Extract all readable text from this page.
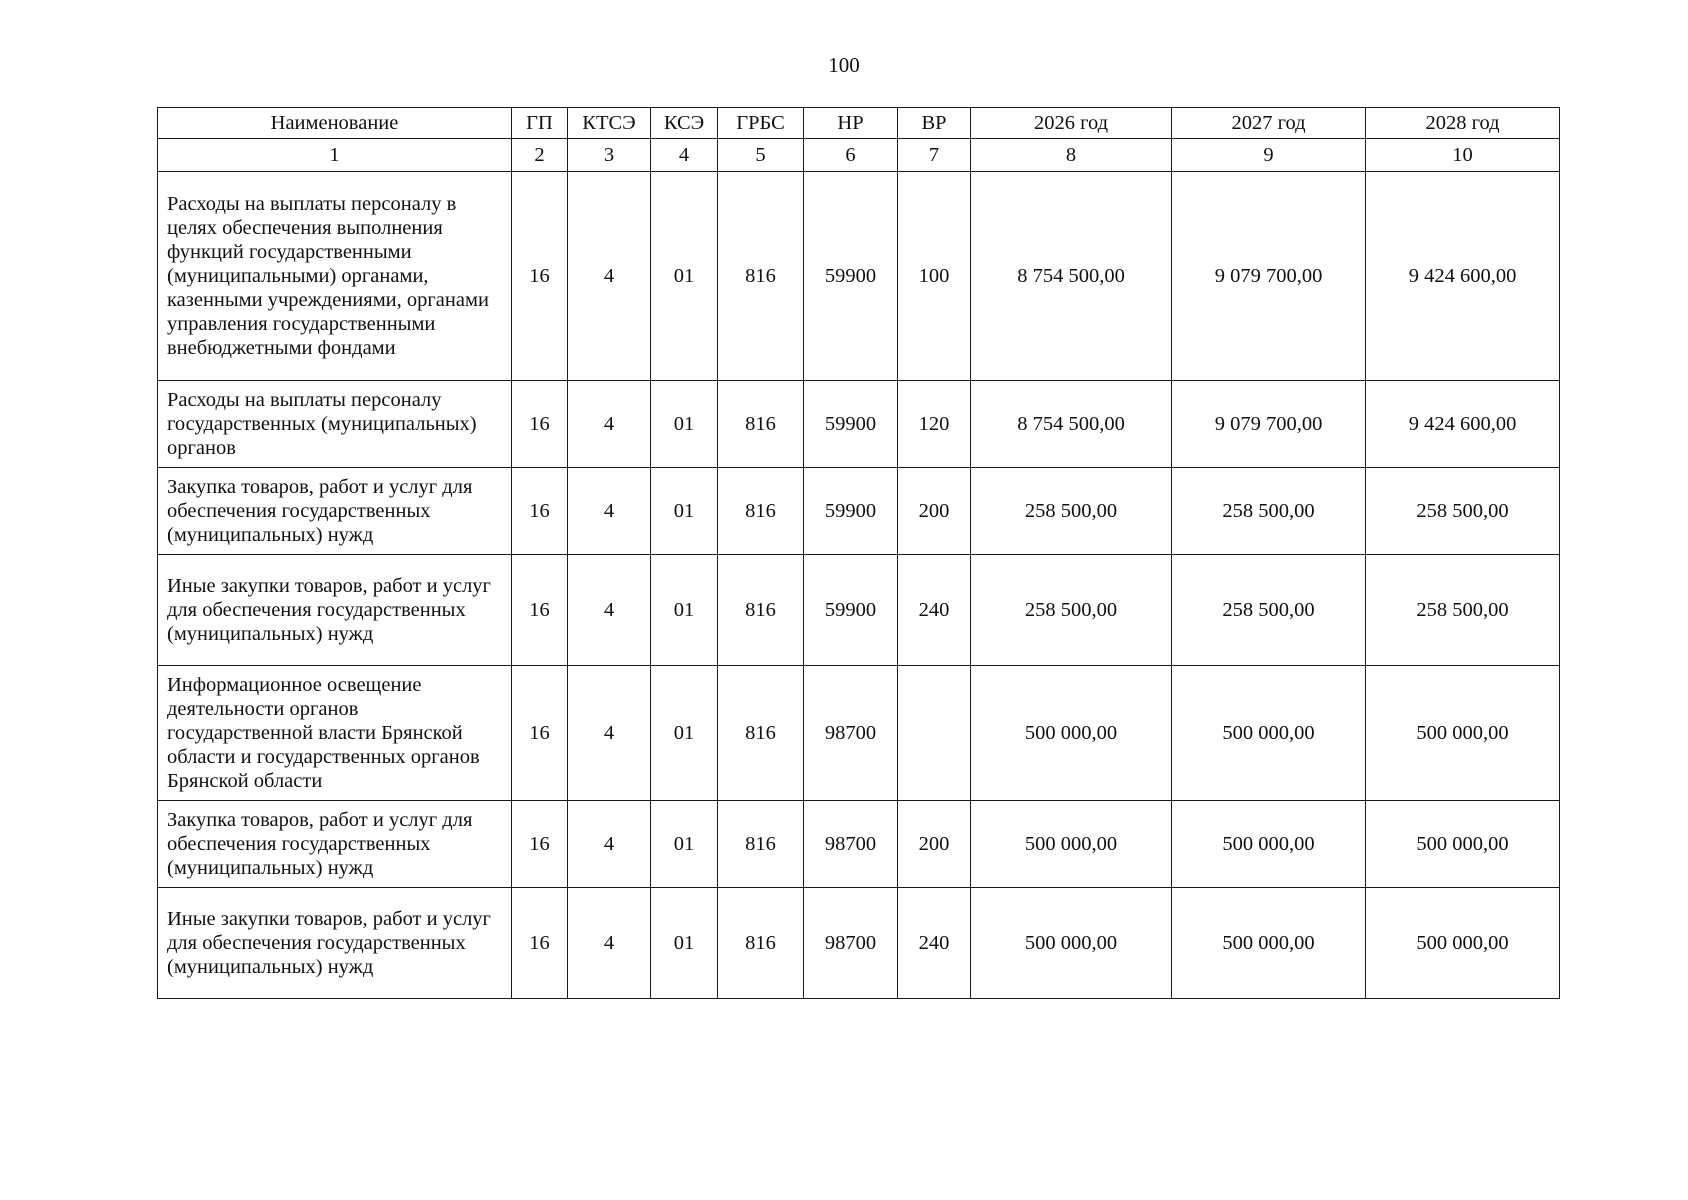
100
Наименование	ГП	КТСЭ	КСЭ	ГРБС	НР	ВР	2026 год	2027 год	2028 год
1	2	3	4	5	6	7	8	9	10
Расходы на выплаты персоналу в целях обеспечения выполнения функций государственными (муниципальными) органами, казенными учреждениями, органами управления государственными внебюджетными фондами	16	4	01	816	59900	100	8 754 500,00	9 079 700,00	9 424 600,00
Расходы на выплаты персоналу государственных (муниципальных) органов	16	4	01	816	59900	120	8 754 500,00	9 079 700,00	9 424 600,00
Закупка товаров, работ и услуг для обеспечения государственных (муниципальных) нужд	16	4	01	816	59900	200	258 500,00	258 500,00	258 500,00
Иные закупки товаров, работ и услуг для обеспечения государственных (муниципальных) нужд	16	4	01	816	59900	240	258 500,00	258 500,00	258 500,00
Информационное освещение деятельности органов государственной власти Брянской области и государственных органов Брянской области	16	4	01	816	98700		500 000,00	500 000,00	500 000,00
Закупка товаров, работ и услуг для обеспечения государственных (муниципальных) нужд	16	4	01	816	98700	200	500 000,00	500 000,00	500 000,00
Иные закупки товаров, работ и услуг для обеспечения государственных (муниципальных) нужд	16	4	01	816	98700	240	500 000,00	500 000,00	500 000,00
